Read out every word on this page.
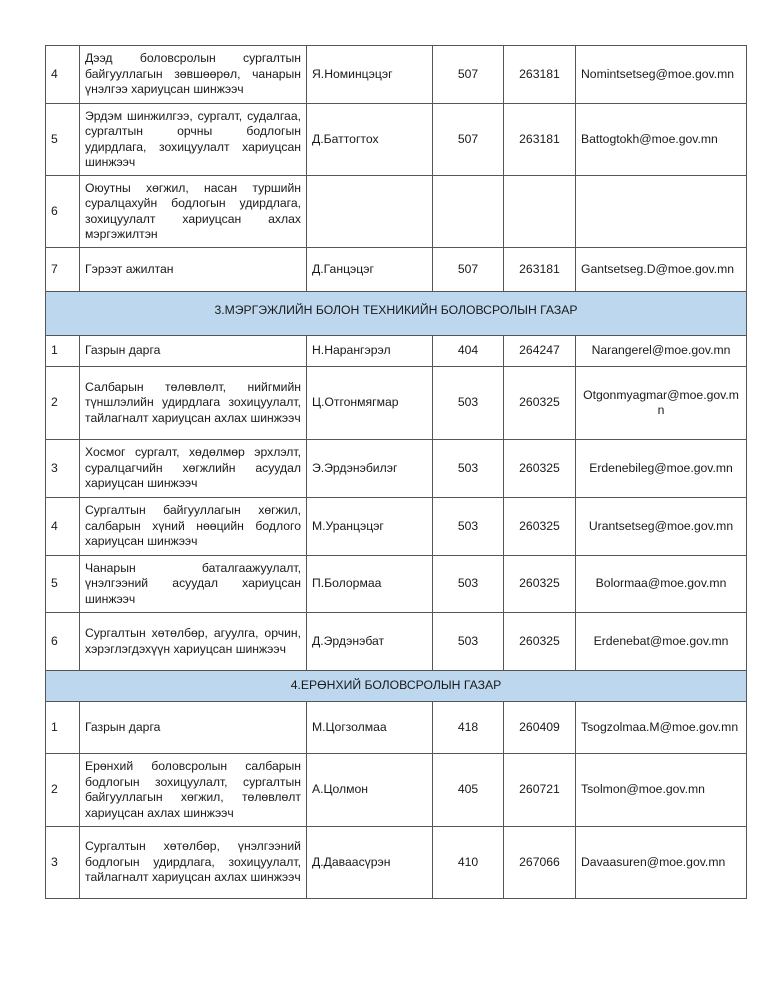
4	Дээд боловсролын сургалтын байгууллагын зөвшөөрөл, чанарын үнэлгээ хариуцсан шинжээч	Я.Номинцэцэг	507	263181	Nomintsetseg@moe.gov.mn
5	Эрдэм шинжилгээ, сургалт, судалгаа, сургалтын орчны бодлогын удирдлага, зохицуулалт хариуцсан шинжээч	Д.Баттогтох	507	263181	Battogtokh@moe.gov.mn
6	Оюутны хөгжил, насан туршийн суралцахуйн бодлогын удирдлага, зохицуулалт хариуцсан ахлах мэргэжилтэн				
7	Гэрээт ажилтан	Д.Ганцэцэг	507	263181	Gantsetseg.D@moe.gov.mn
3.МЭРГЭЖЛИЙН БОЛОН ТЕХНИКИЙН БОЛОВСРОЛЫН ГАЗАР					
1	Газрын дарга	Н.Нарангэрэл	404	264247	Narangerel@moe.gov.mn
2	Салбарын төлөвлөлт, нийгмийн түншлэлийн удирдлага зохицуулалт, тайлагналт хариуцсан ахлах шинжээч	Ц.Отгонмягмар	503	260325	Otgonmyagmar@moe.gov.mn
3	Хосмог сургалт, хөдөлмөр эрхлэлт, суралцагчийн хөгжлийн асуудал хариуцсан шинжээч	Э.Эрдэнэбилэг	503	260325	Erdenebileg@moe.gov.mn
4	Сургалтын байгууллагын хөгжил, салбарын хүний нөөцийн бодлого хариуцсан шинжээч	М.Уранцэцэг	503	260325	Urantsetseg@moe.gov.mn
5	Чанарын баталгаажуулалт, үнэлгээний асуудал хариуцсан шинжээч	П.Болормаа	503	260325	Bolormaa@moe.gov.mn
6	Сургалтын хөтөлбөр, агуулга, орчин, хэрэглэгдэхүүн хариуцсан шинжээч	Д.Эрдэнэбат	503	260325	Erdenebat@moe.gov.mn
4.ЕРӨНХИЙ БОЛОВСРОЛЫН ГАЗАР					
1	Газрын дарга	М.Цогзолмаа	418	260409	Tsogzolmaa.M@moe.gov.mn
2	Ерөнхий боловсролын салбарын бодлогын зохицуулалт, сургалтын байгууллагын хөгжил, төлөвлөлт хариуцсан ахлах шинжээч	А.Цолмон	405	260721	Tsolmon@moe.gov.mn
3	Сургалтын хөтөлбөр, үнэлгээний бодлогын удирдлага, зохицуулалт, тайлагналт хариуцсан ахлах шинжээч	Д.Даваасүрэн	410	267066	Davaasuren@moe.gov.mn
